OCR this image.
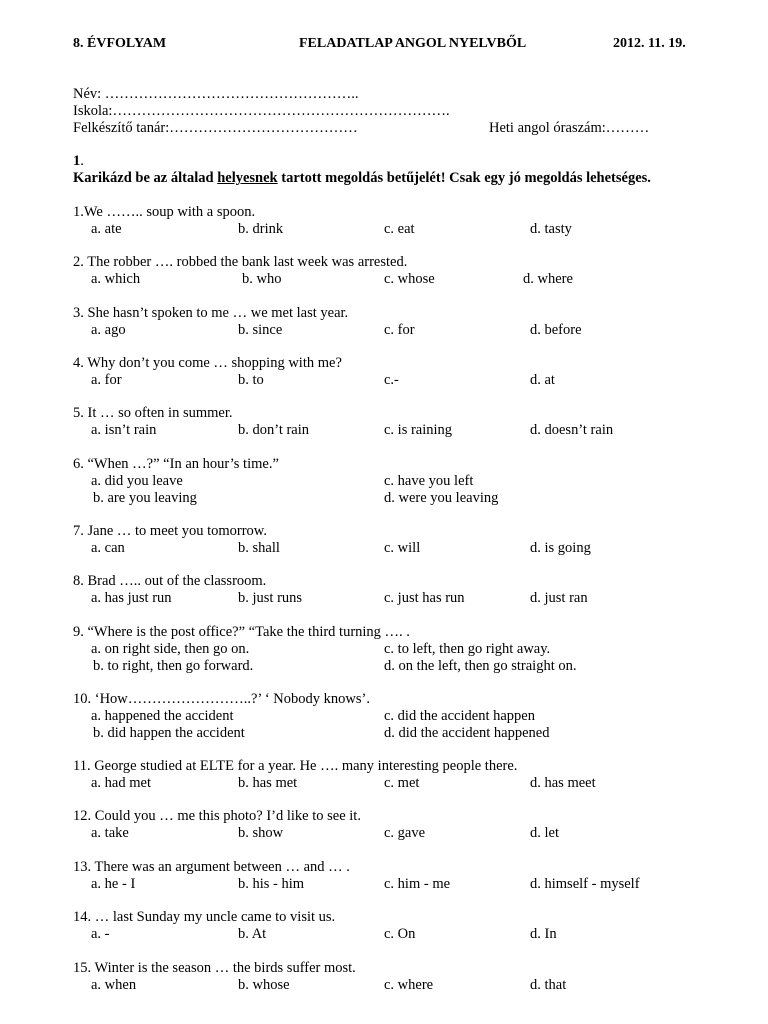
8. ÉVFOLYAM	FELADATLAP ANGOL NYELVBŐL	2012. 11. 19.
Név: ……………………………………………..
Iskola:…………………………………………………………….
Felkészítő tanár:…………………………………	Heti angol óraszám:………
1.
Karikázd be az általad helyesnek tartott megoldás betűjelét! Csak egy jó megoldás lehetséges.
1.We …….. soup with a spoon.
a. ate	b. drink	c. eat	d. tasty
2. The robber …. robbed the bank last week was arrested.
a. which	b. who	c. whose	d. where
3. She hasn’t spoken to me … we met last year.
a. ago	b. since	c. for	d. before
4. Why don’t you come … shopping with me?
a. for	b. to	c.-	d. at
5. It … so often in summer.
a. isn’t rain	b. don’t rain	c. is raining	d. doesn’t rain
6. “When …?” “In an hour’s time.”
a. did you leave	c. have you left
b. are you leaving	d. were you leaving
7. Jane … to meet you tomorrow.
a. can	b. shall	c. will	d. is going
8. Brad ….. out of the classroom.
a. has just run	b. just runs	c. just has run	d. just ran
9. “Where is the post office?” “Take the third turning …. .
a. on right side, then go on.	c. to left, then go right away.
b. to right, then go forward.	d. on the left, then go straight on.
10. ‘How……………………..?’ ‘ Nobody knows’.
a. happened the accident	c. did the accident happen
b. did happen the accident	d. did the accident happened
11. George studied at ELTE for a year. He …. many interesting people there.
a. had met	b. has met	c. met	d. has meet
12. Could you … me this photo? I’d like to see it.
a. take	b. show	c. gave	d. let
13. There was an argument between … and … .
a. he - I	b. his - him	c. him - me	d. himself - myself
14. … last Sunday my uncle came to visit us.
a. -	b. At	c. On	d. In
15. Winter is the season … the birds suffer most.
a. when	b. whose	c. where	d. that
